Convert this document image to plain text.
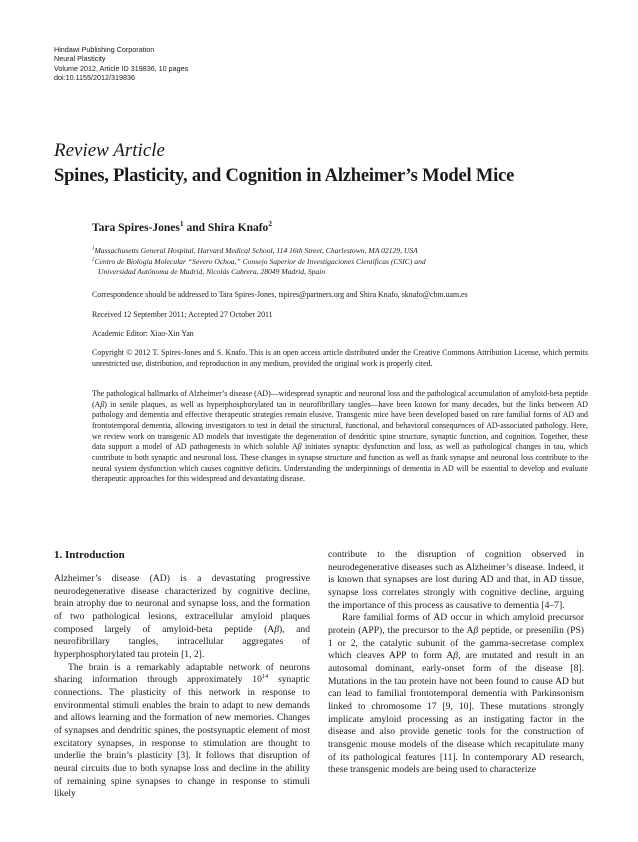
Hindawi Publishing Corporation
Neural Plasticity
Volume 2012, Article ID 319836, 10 pages
doi:10.1155/2012/319836
Review Article
Spines, Plasticity, and Cognition in Alzheimer’s Model Mice
Tara Spires-Jones$^1$ and Shira Knafo$^2$
$^1$Massachusetts General Hospital, Harvard Medical School, 114 16th Street, Charlestown, MA 02129, USA
$^2$Centro de Biología Molecular “Severo Ochoa,” Consejo Superior de Investigaciones Científicas (CSIC) and
Universidad Autónoma de Madrid, Nicolás Cabrera, 28049 Madrid, Spain
Correspondence should be addressed to Tara Spires-Jones, tspires@partners.org and Shira Knafo, sknafo@cbm.uam.es
Received 12 September 2011; Accepted 27 October 2011
Academic Editor: Xiao-Xin Yan
Copyright © 2012 T. Spires-Jones and S. Knafo. This is an open access article distributed under the Creative Commons Attribution License, which permits unrestricted use, distribution, and reproduction in any medium, provided the original work is properly cited.
The pathological hallmarks of Alzheimer’s disease (AD)—widespread synaptic and neuronal loss and the pathological accumulation of amyloid-beta peptide (Aβ) in senile plaques, as well as hyperphosphorylated tau in neurofibrillary tangles—have been known for many decades, but the links between AD pathology and dementia and effective therapeutic strategies remain elusive. Transgenic mice have been developed based on rare familial forms of AD and frontotemporal dementia, allowing investigators to test in detail the structural, functional, and behavioral consequences of AD-associated pathology. Here, we review work on transgenic AD models that investigate the degeneration of dendritic spine structure, synaptic function, and cognition. Together, these data support a model of AD pathogenesis in which soluble Aβ initiates synaptic dysfunction and loss, as well as pathological changes in tau, which contribute to both synaptic and neuronal loss. These changes in synapse structure and function as well as frank synapse and neuronal loss contribute to the neural system dysfunction which causes cognitive deficits. Understanding the underpinnings of dementia in AD will be essential to develop and evaluate therapeutic approaches for this widespread and devastating disease.
1. Introduction

Alzheimer’s disease (AD) is a devastating progressive neurodegenerative disease characterized by cognitive decline, brain atrophy due to neuronal and synapse loss, and the formation of two pathological lesions, extracellular amyloid plaques composed largely of amyloid-beta peptide (Aβ), and neurofibrillary tangles, intracellular aggregates of hyperphosphorylated tau protein [1, 2].

The brain is a remarkably adaptable network of neurons sharing information through approximately $10^{14}$ synaptic connections. The plasticity of this network in response to environmental stimuli enables the brain to adapt to new demands and allows learning and the formation of new memories. Changes of synapses and dendritic spines, the postsynaptic element of most excitatory synapses, in response to stimulation are thought to underlie the brain’s plasticity [3]. It follows that disruption of neural circuits due to both synapse loss and decline in the ability of remaining spine synapses to change in response to stimuli likely

contribute to the disruption of cognition observed in neurodegenerative diseases such as Alzheimer’s disease. Indeed, it is known that synapses are lost during AD and that, in AD tissue, synapse loss correlates strongly with cognitive decline, arguing the importance of this process as causative to dementia [4–7].

Rare familial forms of AD occur in which amyloid precursor protein (APP), the precursor to the Aβ peptide, or presenilin (PS) 1 or 2, the catalytic subunit of the gamma-secretase complex which cleaves APP to form Aβ, are mutated and result in an autosomal dominant, early-onset form of the disease [8]. Mutations in the tau protein have not been found to cause AD but can lead to familial frontotemporal dementia with Parkinsonism linked to chromosome 17 [9, 10]. These mutations strongly implicate amyloid processing as an instigating factor in the disease and also provide genetic tools for the construction of transgenic mouse models of the disease which recapitulate many of its pathological features [11]. In contemporary AD research, these transgenic models are being used to characterize
